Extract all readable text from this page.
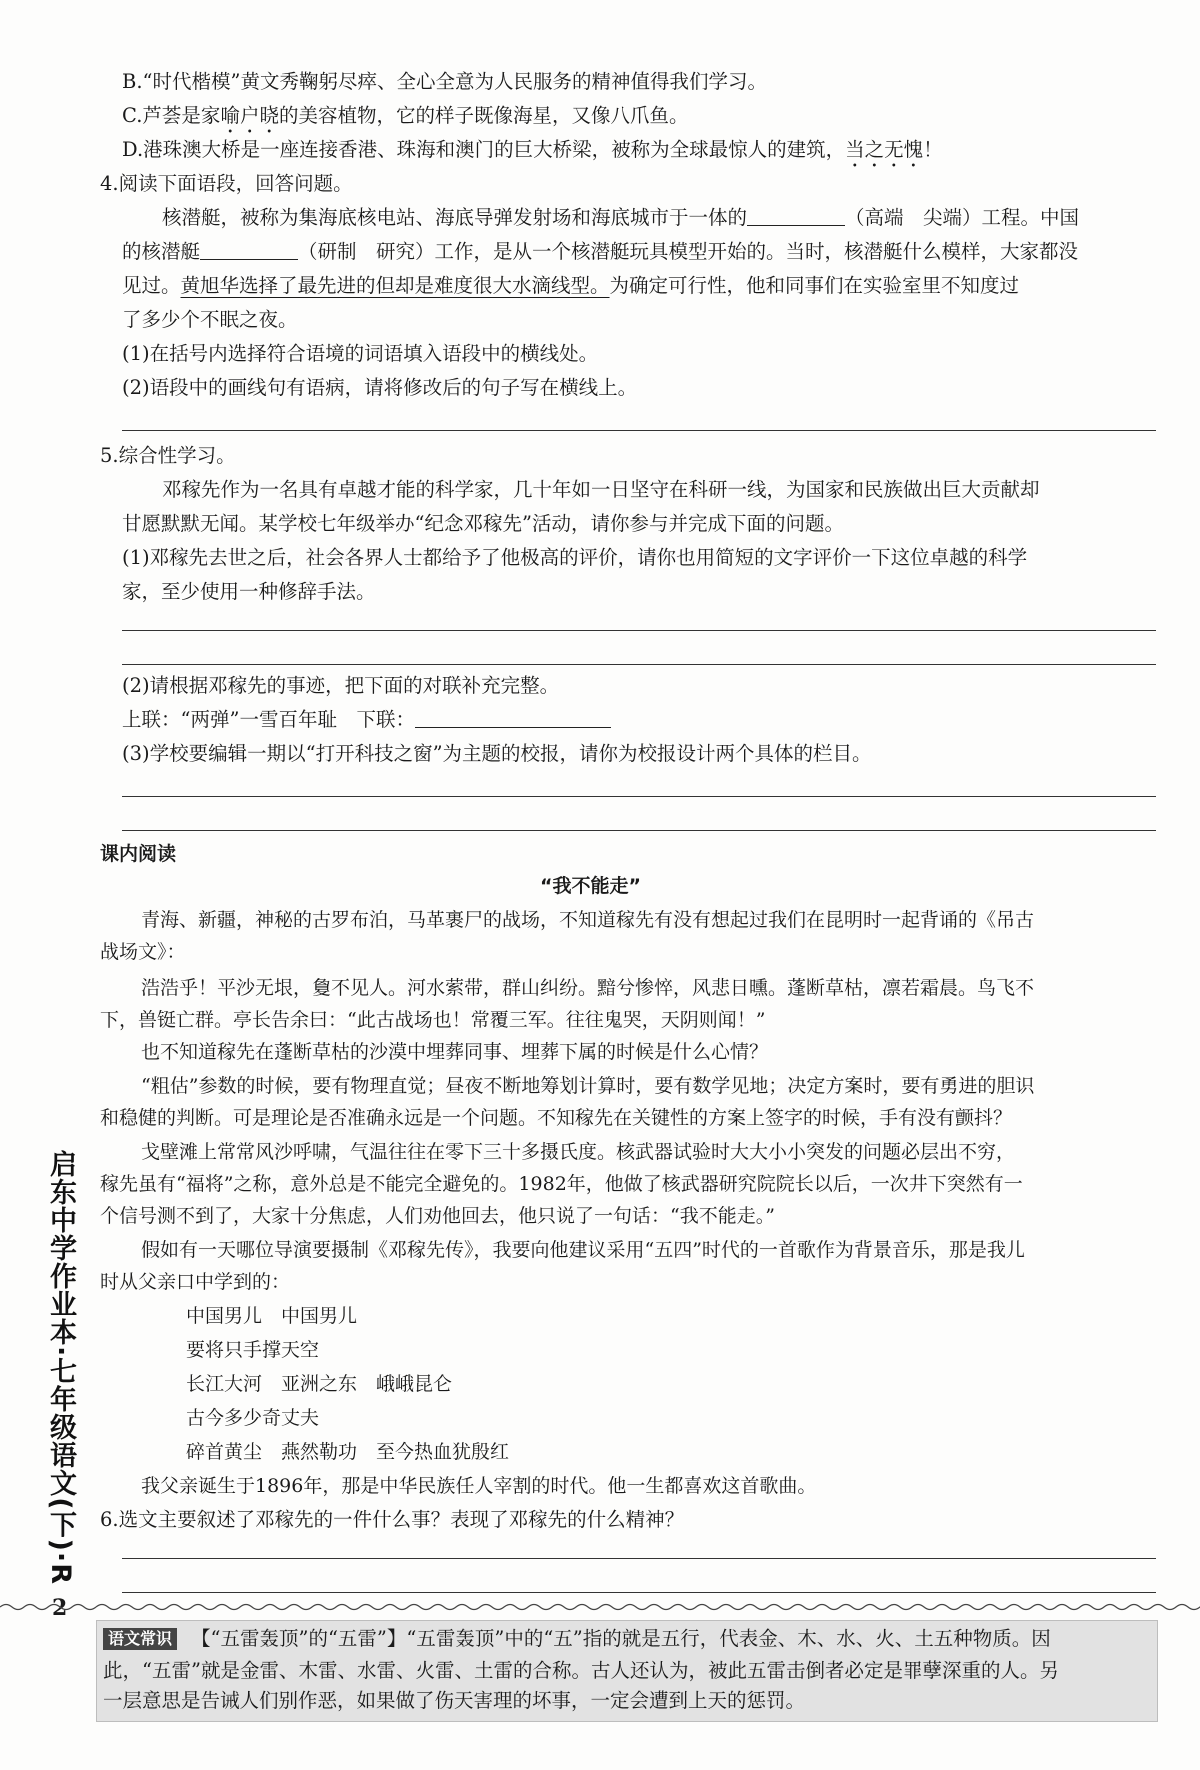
B.“时代楷模”黄文秀鞠躬尽瘁、全心全意为人民服务的精神值得我们学习。
C.芦荟是家喻户晓的美容植物，它的样子既像海星，又像八爪鱼。
D.港珠澳大桥是一座连接香港、珠海和澳门的巨大桥梁，被称为全球最惊人的建筑，当之无愧！
4.阅读下面语段，回答问题。
核潜艇，被称为集海底核电站、海底导弹发射场和海底城市于一体的	（高端　尖端）工程。中国
的核潜艇	（研制　研究）工作，是从一个核潜艇玩具模型开始的。当时，核潜艇什么模样，大家都没
见过。黄旭华选择了最先进的但却是难度很大水滴线型。为确定可行性，他和同事们在实验室里不知度过
了多少个不眠之夜。
(1)在括号内选择符合语境的词语填入语段中的横线处。
(2)语段中的画线句有语病，请将修改后的句子写在横线上。
5.综合性学习。
邓稼先作为一名具有卓越才能的科学家，几十年如一日坚守在科研一线，为国家和民族做出巨大贡献却
甘愿默默无闻。某学校七年级举办“纪念邓稼先”活动，请你参与并完成下面的问题。
(1)邓稼先去世之后，社会各界人士都给予了他极高的评价，请你也用简短的文字评价一下这位卓越的科学
家，至少使用一种修辞手法。
(2)请根据邓稼先的事迹，把下面的对联补充完整。
上联：“两弹”一雪百年耻　下联：
(3)学校要编辑一期以“打开科技之窗”为主题的校报，请你为校报设计两个具体的栏目。
课内阅读
“我不能走”
青海、新疆，神秘的古罗布泊，马革裹尸的战场，不知道稼先有没有想起过我们在昆明时一起背诵的《吊古
战场文》：
浩浩乎！平沙无垠，敻不见人。河水萦带，群山纠纷。黯兮惨悴，风悲日曛。蓬断草枯，凛若霜晨。鸟飞不
下，兽铤亡群。亭长告余曰：“此古战场也！常覆三军。往往鬼哭，天阴则闻！”
也不知道稼先在蓬断草枯的沙漠中埋葬同事、埋葬下属的时候是什么心情？
“粗估”参数的时候，要有物理直觉；昼夜不断地筹划计算时，要有数学见地；决定方案时，要有勇进的胆识
和稳健的判断。可是理论是否准确永远是一个问题。不知稼先在关键性的方案上签字的时候，手有没有颤抖？
戈壁滩上常常风沙呼啸，气温往往在零下三十多摄氏度。核武器试验时大大小小突发的问题必层出不穷，
稼先虽有“福将”之称，意外总是不能完全避免的。1982年，他做了核武器研究院院长以后，一次井下突然有一
个信号测不到了，大家十分焦虑，人们劝他回去，他只说了一句话：“我不能走。”
假如有一天哪位导演要摄制《邓稼先传》，我要向他建议采用“五四”时代的一首歌作为背景音乐，那是我儿
时从父亲口中学到的：
中国男儿　中国男儿
要将只手撑天空
长江大河　亚洲之东　峨峨昆仑
古今多少奇丈夫
碎首黄尘　燕然勒功　至今热血犹殷红
我父亲诞生于1896年，那是中华民族任人宰割的时代。他一生都喜欢这首歌曲。
6.选文主要叙述了邓稼先的一件什么事？表现了邓稼先的什么精神？
启东中学作业本·七年级语文(下)·R
2
语文常识 【“五雷轰顶”的“五雷”】“五雷轰顶”中的“五”指的就是五行，代表金、木、水、火、土五种物质。因
此，“五雷”就是金雷、木雷、水雷、火雷、土雷的合称。古人还认为，被此五雷击倒者必定是罪孽深重的人。另
一层意思是告诫人们别作恶，如果做了伤天害理的坏事，一定会遭到上天的惩罚。
